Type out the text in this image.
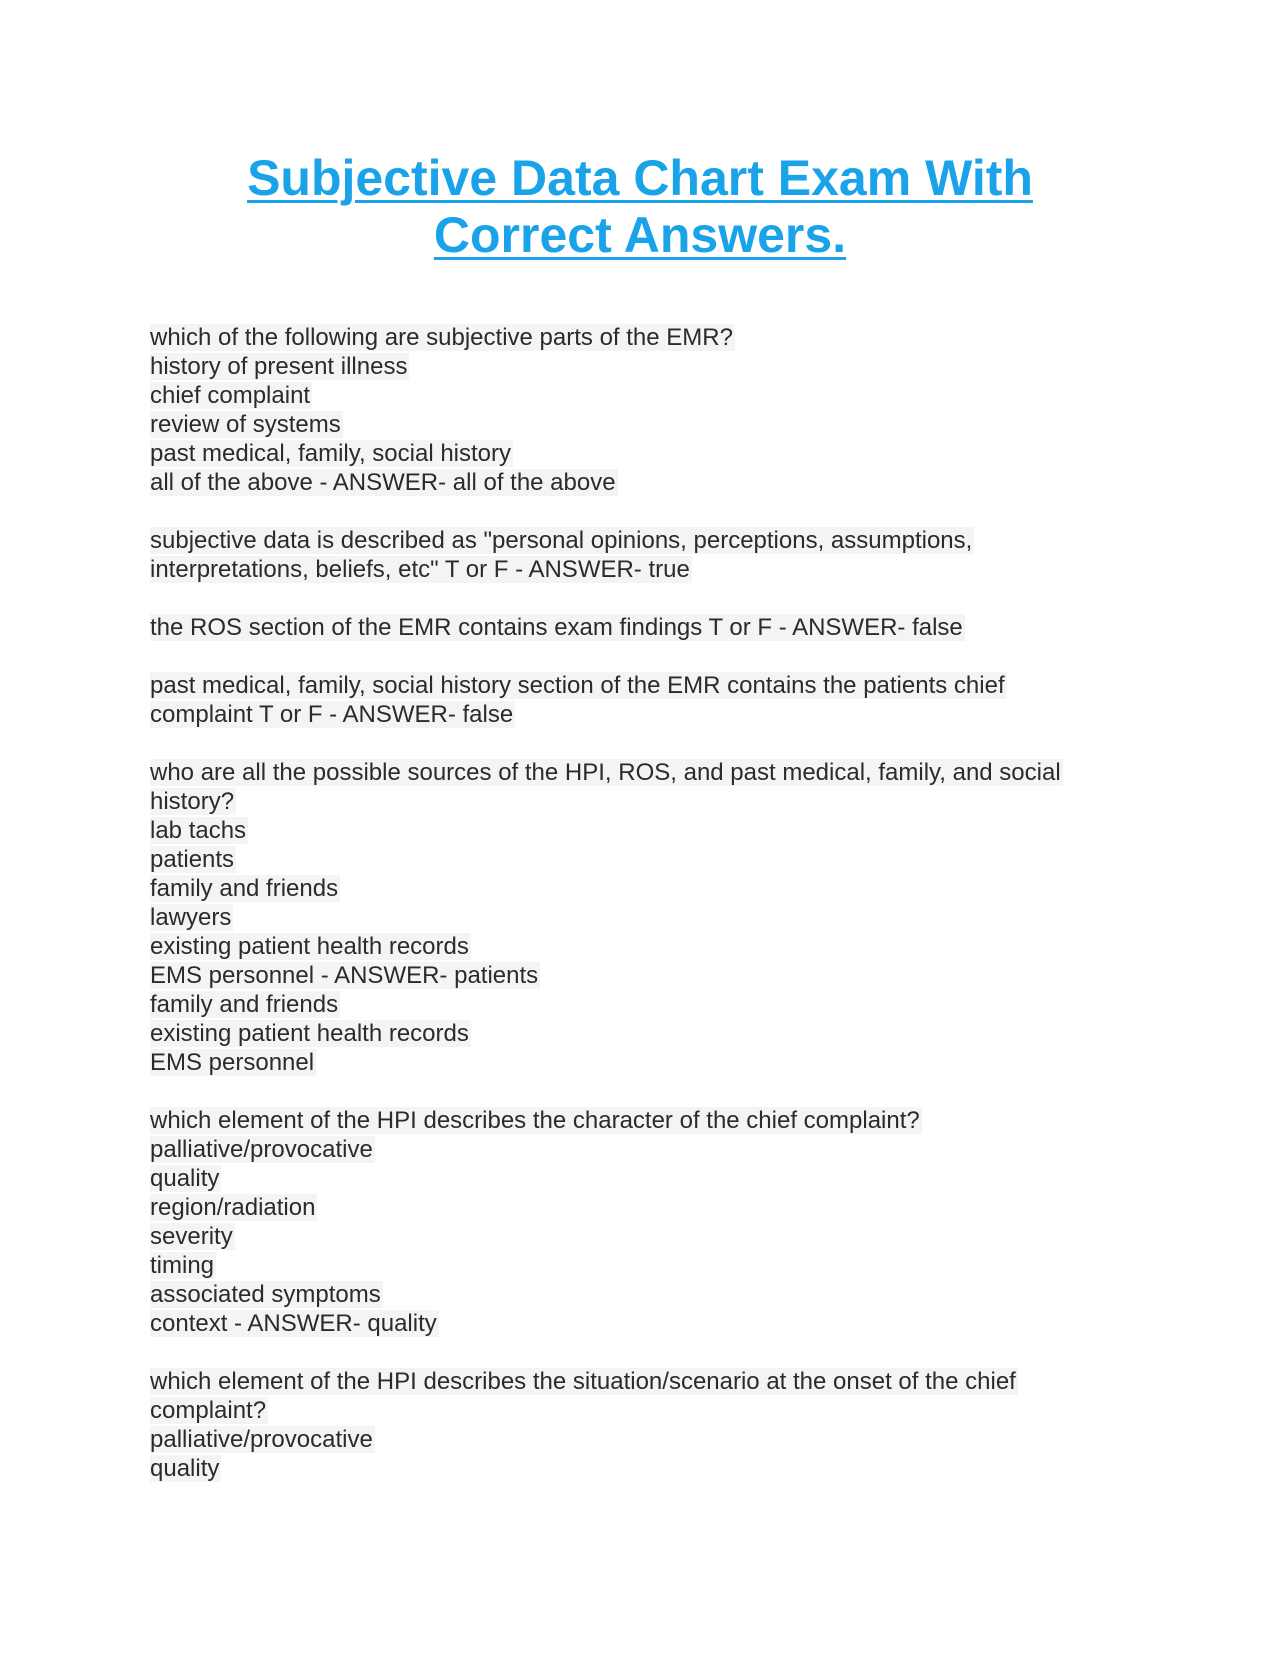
Subjective Data Chart Exam With
Correct Answers.
which of the following are subjective parts of the EMR?
history of present illness
chief complaint
review of systems
past medical, family, social history
all of the above - ANSWER- all of the above
subjective data is described as "personal opinions, perceptions, assumptions,
interpretations, beliefs, etc" T or F - ANSWER- true
the ROS section of the EMR contains exam findings T or F - ANSWER- false
past medical, family, social history section of the EMR contains the patients chief
complaint T or F - ANSWER- false
who are all the possible sources of the HPI, ROS, and past medical, family, and social
history?
lab tachs
patients
family and friends
lawyers
existing patient health records
EMS personnel - ANSWER- patients
family and friends
existing patient health records
EMS personnel
which element of the HPI describes the character of the chief complaint?
palliative/provocative
quality
region/radiation
severity
timing
associated symptoms
context - ANSWER- quality
which element of the HPI describes the situation/scenario at the onset of the chief
complaint?
palliative/provocative
quality
